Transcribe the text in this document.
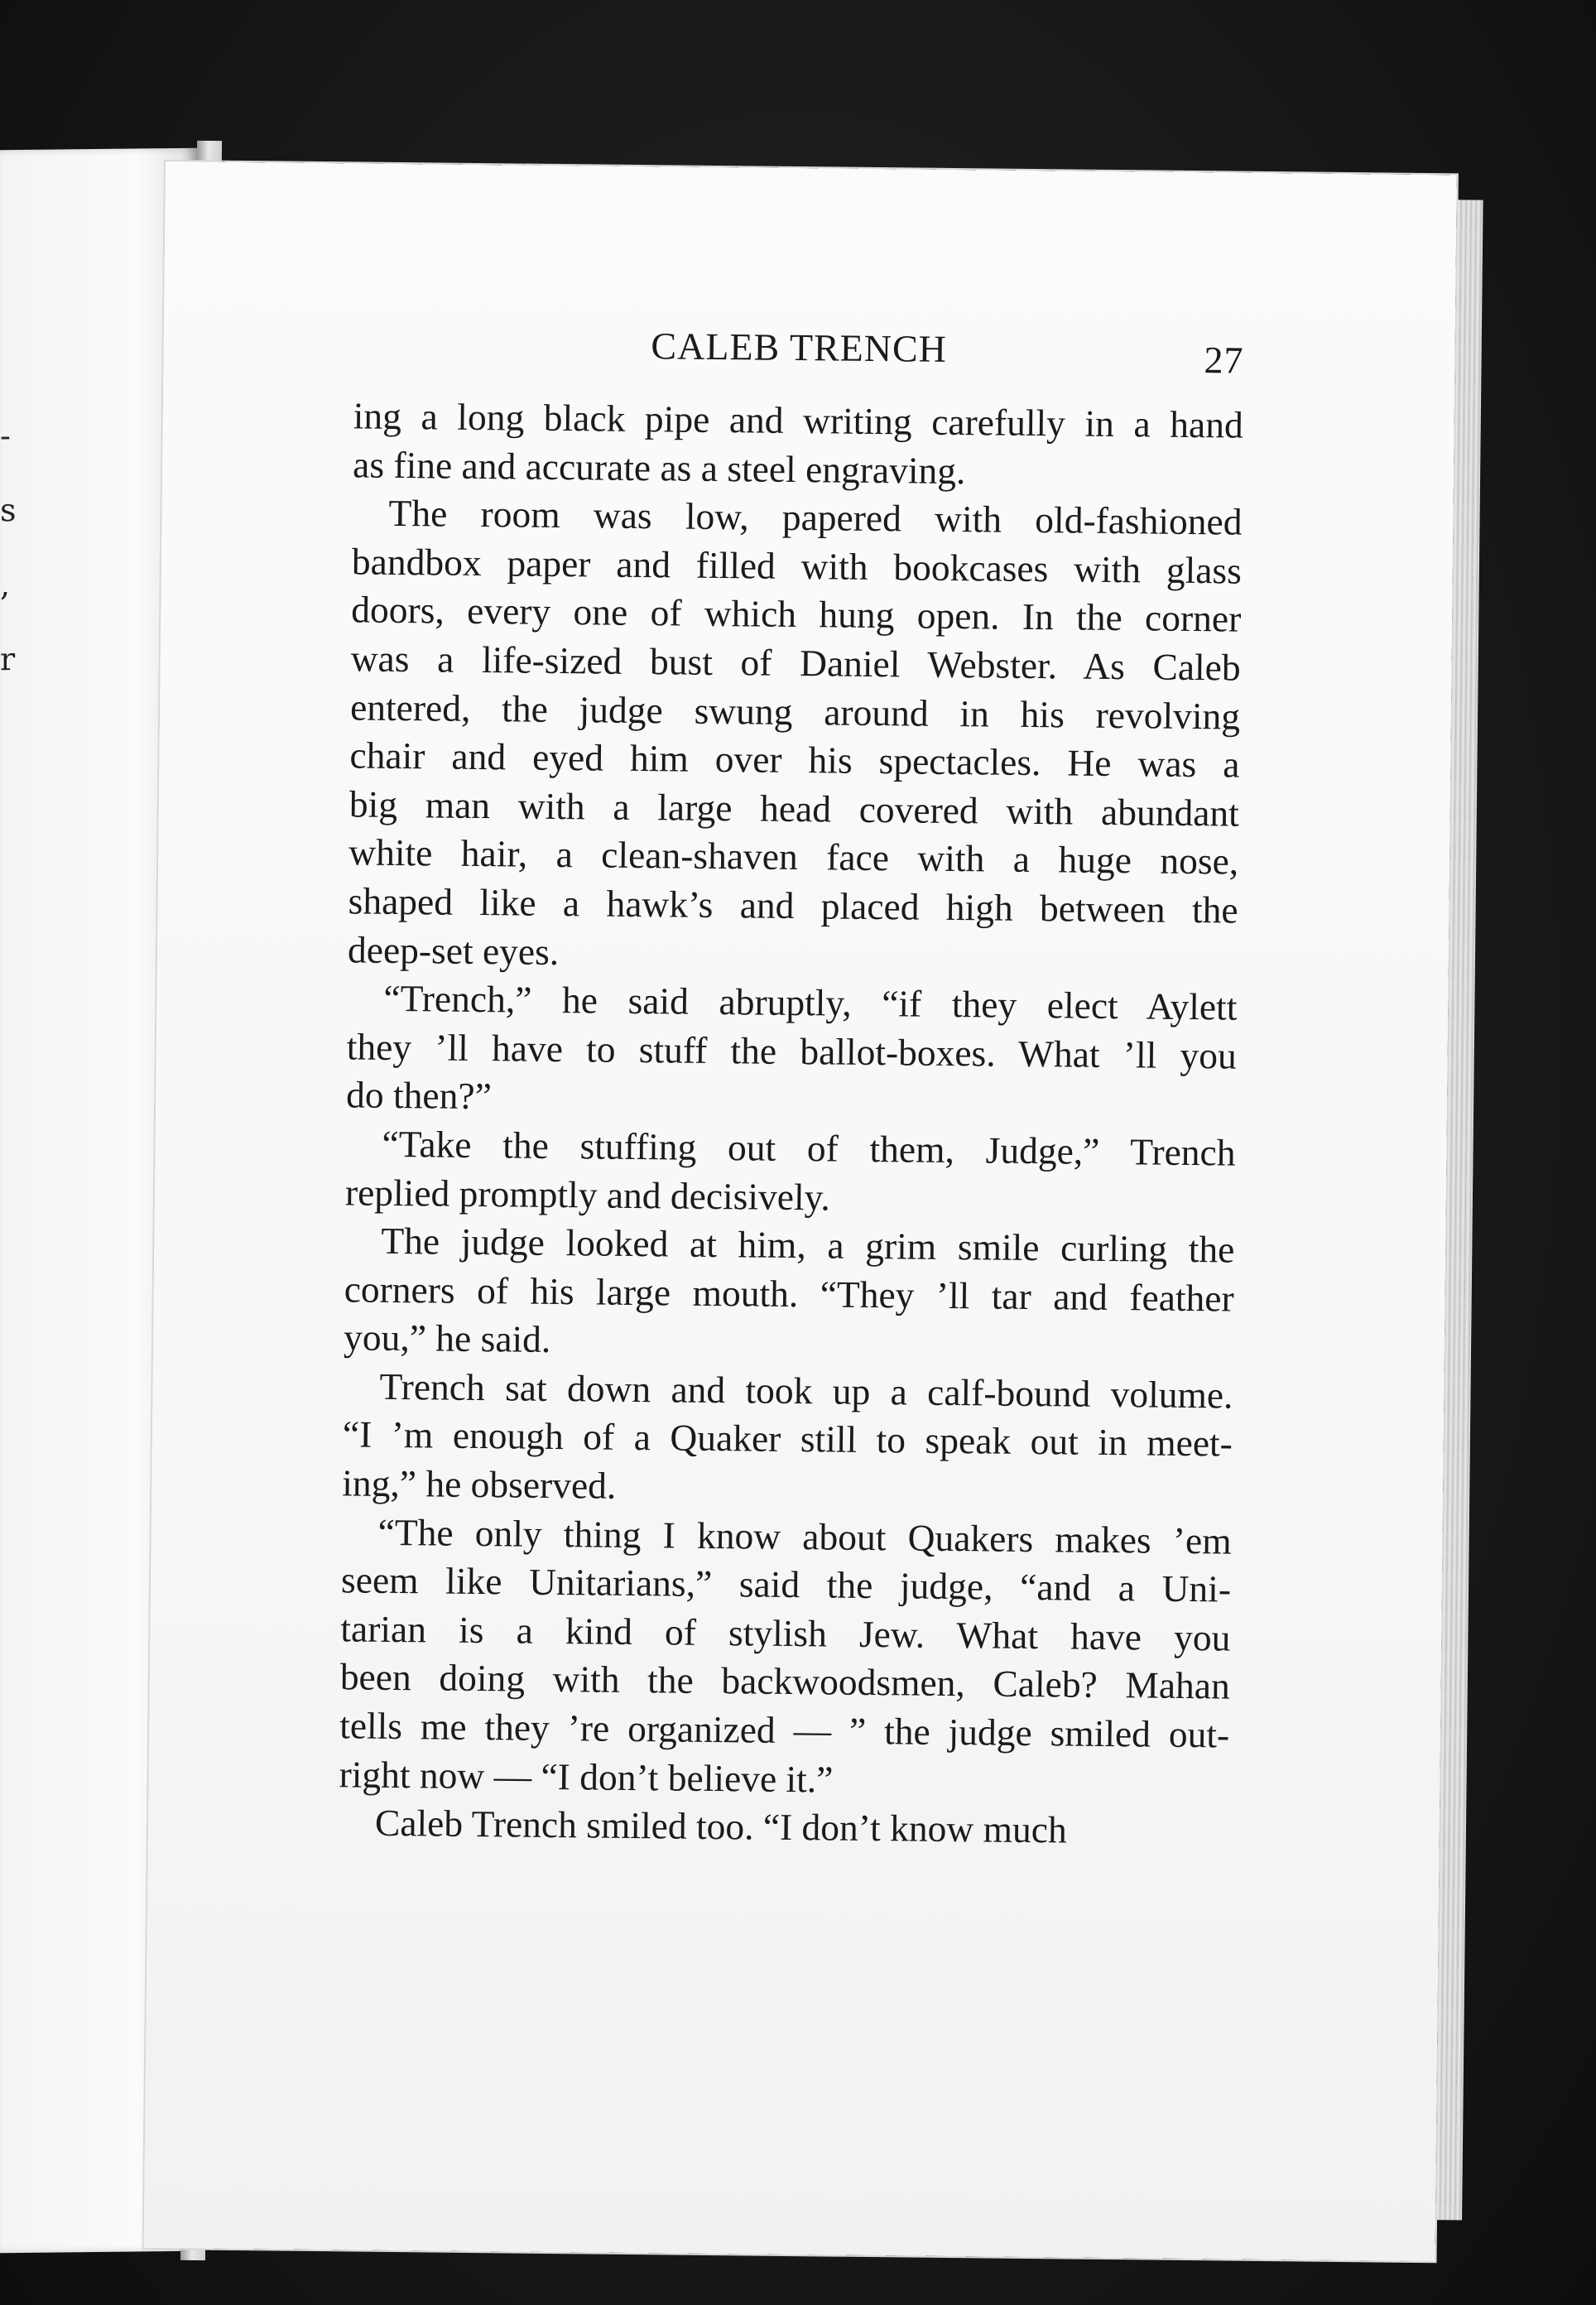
-
s
,
r
CALEB TRENCH	27

ing a long black pipe and writing carefully in a hand
as fine and accurate as a steel engraving.

The room was low, papered with old-fashioned
bandbox paper and filled with bookcases with glass
doors, every one of which hung open. In the corner
was a life-sized bust of Daniel Webster. As Caleb
entered, the judge swung around in his revolving
chair and eyed him over his spectacles. He was a
big man with a large head covered with abundant
white hair, a clean-shaven face with a huge nose,
shaped like a hawk’s and placed high between the
deep-set eyes.

“Trench,” he said abruptly, “if they elect Aylett
they ’ll have to stuff the ballot-boxes. What ’ll you
do then?”

“Take the stuffing out of them, Judge,” Trench
replied promptly and decisively.

The judge looked at him, a grim smile curling the
corners of his large mouth. “They ’ll tar and feather
you,” he said.

Trench sat down and took up a calf-bound volume.
“I ’m enough of a Quaker still to speak out in meet-
ing,” he observed.

“The only thing I know about Quakers makes ’em
seem like Unitarians,” said the judge, “and a Uni-
tarian is a kind of stylish Jew. What have you
been doing with the backwoodsmen, Caleb? Mahan
tells me they ’re organized — ” the judge smiled out-
right now — “I don’t believe it.”

Caleb Trench smiled too. “I don’t know much
